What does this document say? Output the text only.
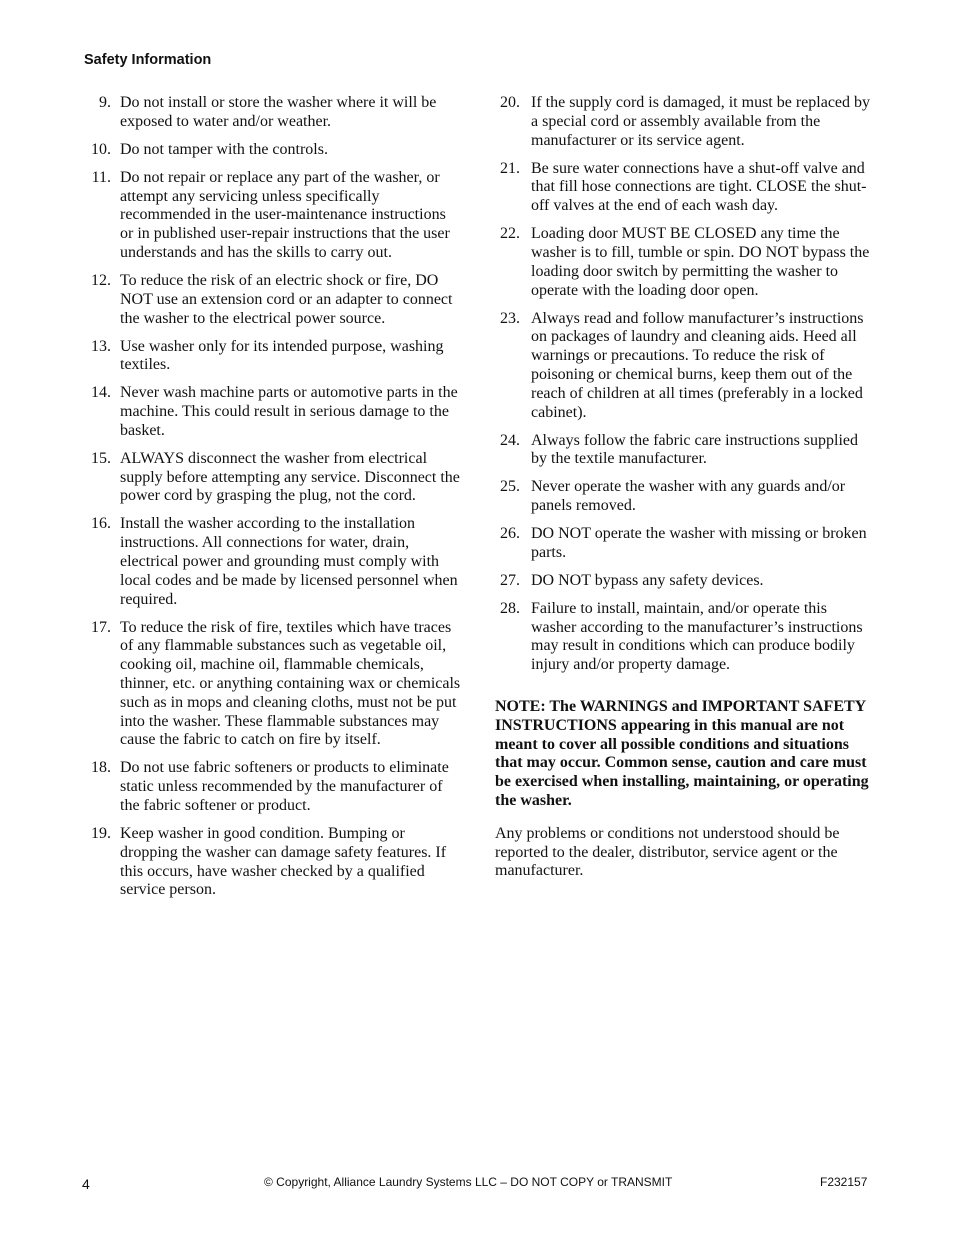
Safety Information
9. Do not install or store the washer where it will be exposed to water and/or weather.
10. Do not tamper with the controls.
11. Do not repair or replace any part of the washer, or attempt any servicing unless specifically recommended in the user-maintenance instructions or in published user-repair instructions that the user understands and has the skills to carry out.
12. To reduce the risk of an electric shock or fire, DO NOT use an extension cord or an adapter to connect the washer to the electrical power source.
13. Use washer only for its intended purpose, washing textiles.
14. Never wash machine parts or automotive parts in the machine. This could result in serious damage to the basket.
15. ALWAYS disconnect the washer from electrical supply before attempting any service. Disconnect the power cord by grasping the plug, not the cord.
16. Install the washer according to the installation instructions. All connections for water, drain, electrical power and grounding must comply with local codes and be made by licensed personnel when required.
17. To reduce the risk of fire, textiles which have traces of any flammable substances such as vegetable oil, cooking oil, machine oil, flammable chemicals, thinner, etc. or anything containing wax or chemicals such as in mops and cleaning cloths, must not be put into the washer. These flammable substances may cause the fabric to catch on fire by itself.
18. Do not use fabric softeners or products to eliminate static unless recommended by the manufacturer of the fabric softener or product.
19. Keep washer in good condition. Bumping or dropping the washer can damage safety features. If this occurs, have washer checked by a qualified service person.
20. If the supply cord is damaged, it must be replaced by a special cord or assembly available from the manufacturer or its service agent.
21. Be sure water connections have a shut-off valve and that fill hose connections are tight. CLOSE the shut-off valves at the end of each wash day.
22. Loading door MUST BE CLOSED any time the washer is to fill, tumble or spin. DO NOT bypass the loading door switch by permitting the washer to operate with the loading door open.
23. Always read and follow manufacturer’s instructions on packages of laundry and cleaning aids. Heed all warnings or precautions. To reduce the risk of poisoning or chemical burns, keep them out of the reach of children at all times (preferably in a locked cabinet).
24. Always follow the fabric care instructions supplied by the textile manufacturer.
25. Never operate the washer with any guards and/or panels removed.
26. DO NOT operate the washer with missing or broken parts.
27. DO NOT bypass any safety devices.
28. Failure to install, maintain, and/or operate this washer according to the manufacturer’s instructions may result in conditions which can produce bodily injury and/or property damage.
NOTE: The WARNINGS and IMPORTANT SAFETY INSTRUCTIONS appearing in this manual are not meant to cover all possible conditions and situations that may occur. Common sense, caution and care must be exercised when installing, maintaining, or operating the washer.
Any problems or conditions not understood should be reported to the dealer, distributor, service agent or the manufacturer.
4	© Copyright, Alliance Laundry Systems LLC – DO NOT COPY or TRANSMIT	F232157
